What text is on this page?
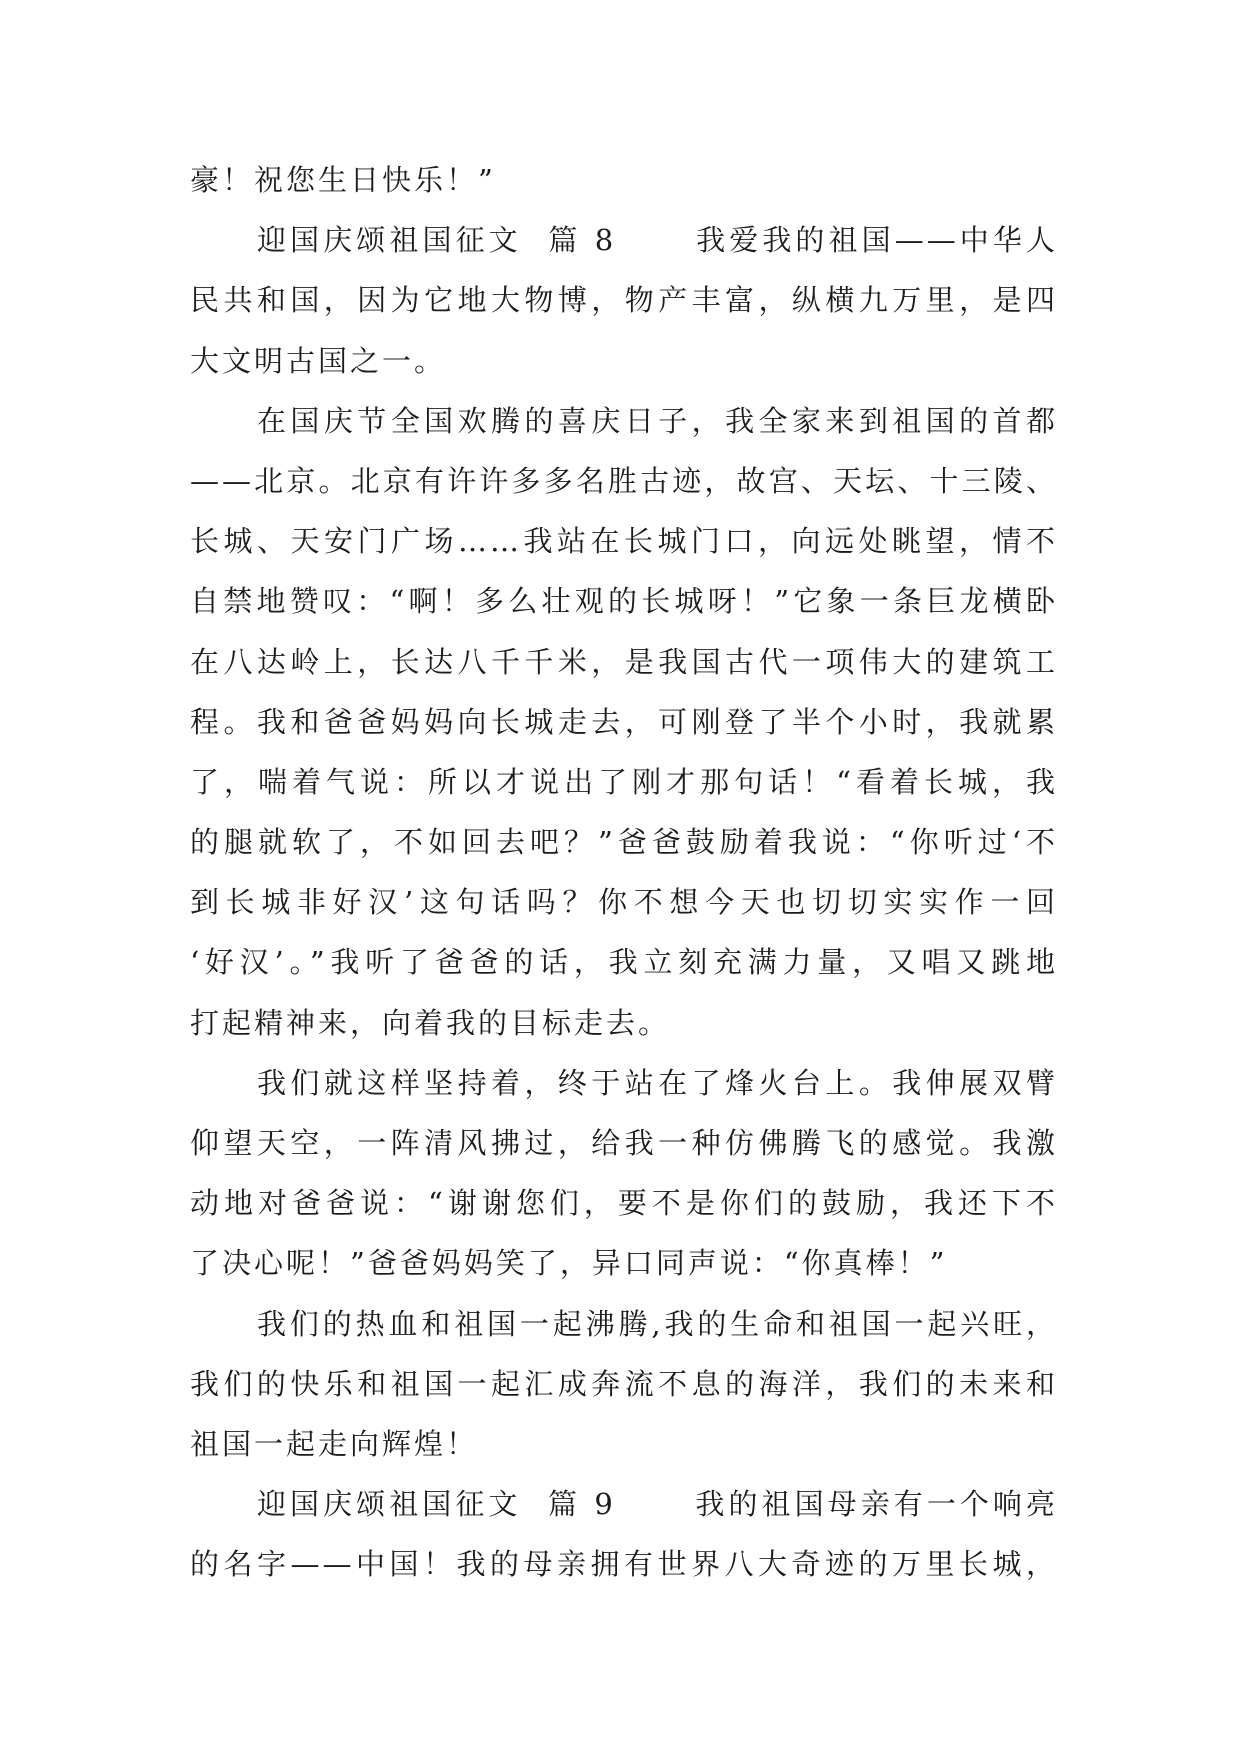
豪！祝您生日快乐！”
迎国庆颂祖国征文  篇 8      我爱我的祖国——中华人
民共和国，因为它地大物博，物产丰富，纵横九万里，是四
大文明古国之一。
在国庆节全国欢腾的喜庆日子，我全家来到祖国的首都
——北京。北京有许许多多名胜古迹，故宫、天坛、十三陵、
长城、天安门广场……我站在长城门口，向远处眺望，情不
自禁地赞叹：“啊！多么壮观的长城呀！”它象一条巨龙横卧
在八达岭上，长达八千千米，是我国古代一项伟大的建筑工
程。我和爸爸妈妈向长城走去，可刚登了半个小时，我就累
了，喘着气说：所以才说出了刚才那句话！“看着长城，我
的腿就软了，不如回去吧？”爸爸鼓励着我说：“你听过‘不
到长城非好汉’这句话吗？你不想今天也切切实实作一回
‘好汉’。”我听了爸爸的话，我立刻充满力量，又唱又跳地
打起精神来，向着我的目标走去。
我们就这样坚持着，终于站在了烽火台上。我伸展双臂
仰望天空，一阵清风拂过，给我一种仿佛腾飞的感觉。我激
动地对爸爸说：“谢谢您们，要不是你们的鼓励，我还下不
了决心呢！”爸爸妈妈笑了，异口同声说：“你真棒！”
我们的热血和祖国一起沸腾,我的生命和祖国一起兴旺，
我们的快乐和祖国一起汇成奔流不息的海洋，我们的未来和
祖国一起走向辉煌！
迎国庆颂祖国征文  篇 9      我的祖国母亲有一个响亮
的名字——中国！我的母亲拥有世界八大奇迹的万里长城，
